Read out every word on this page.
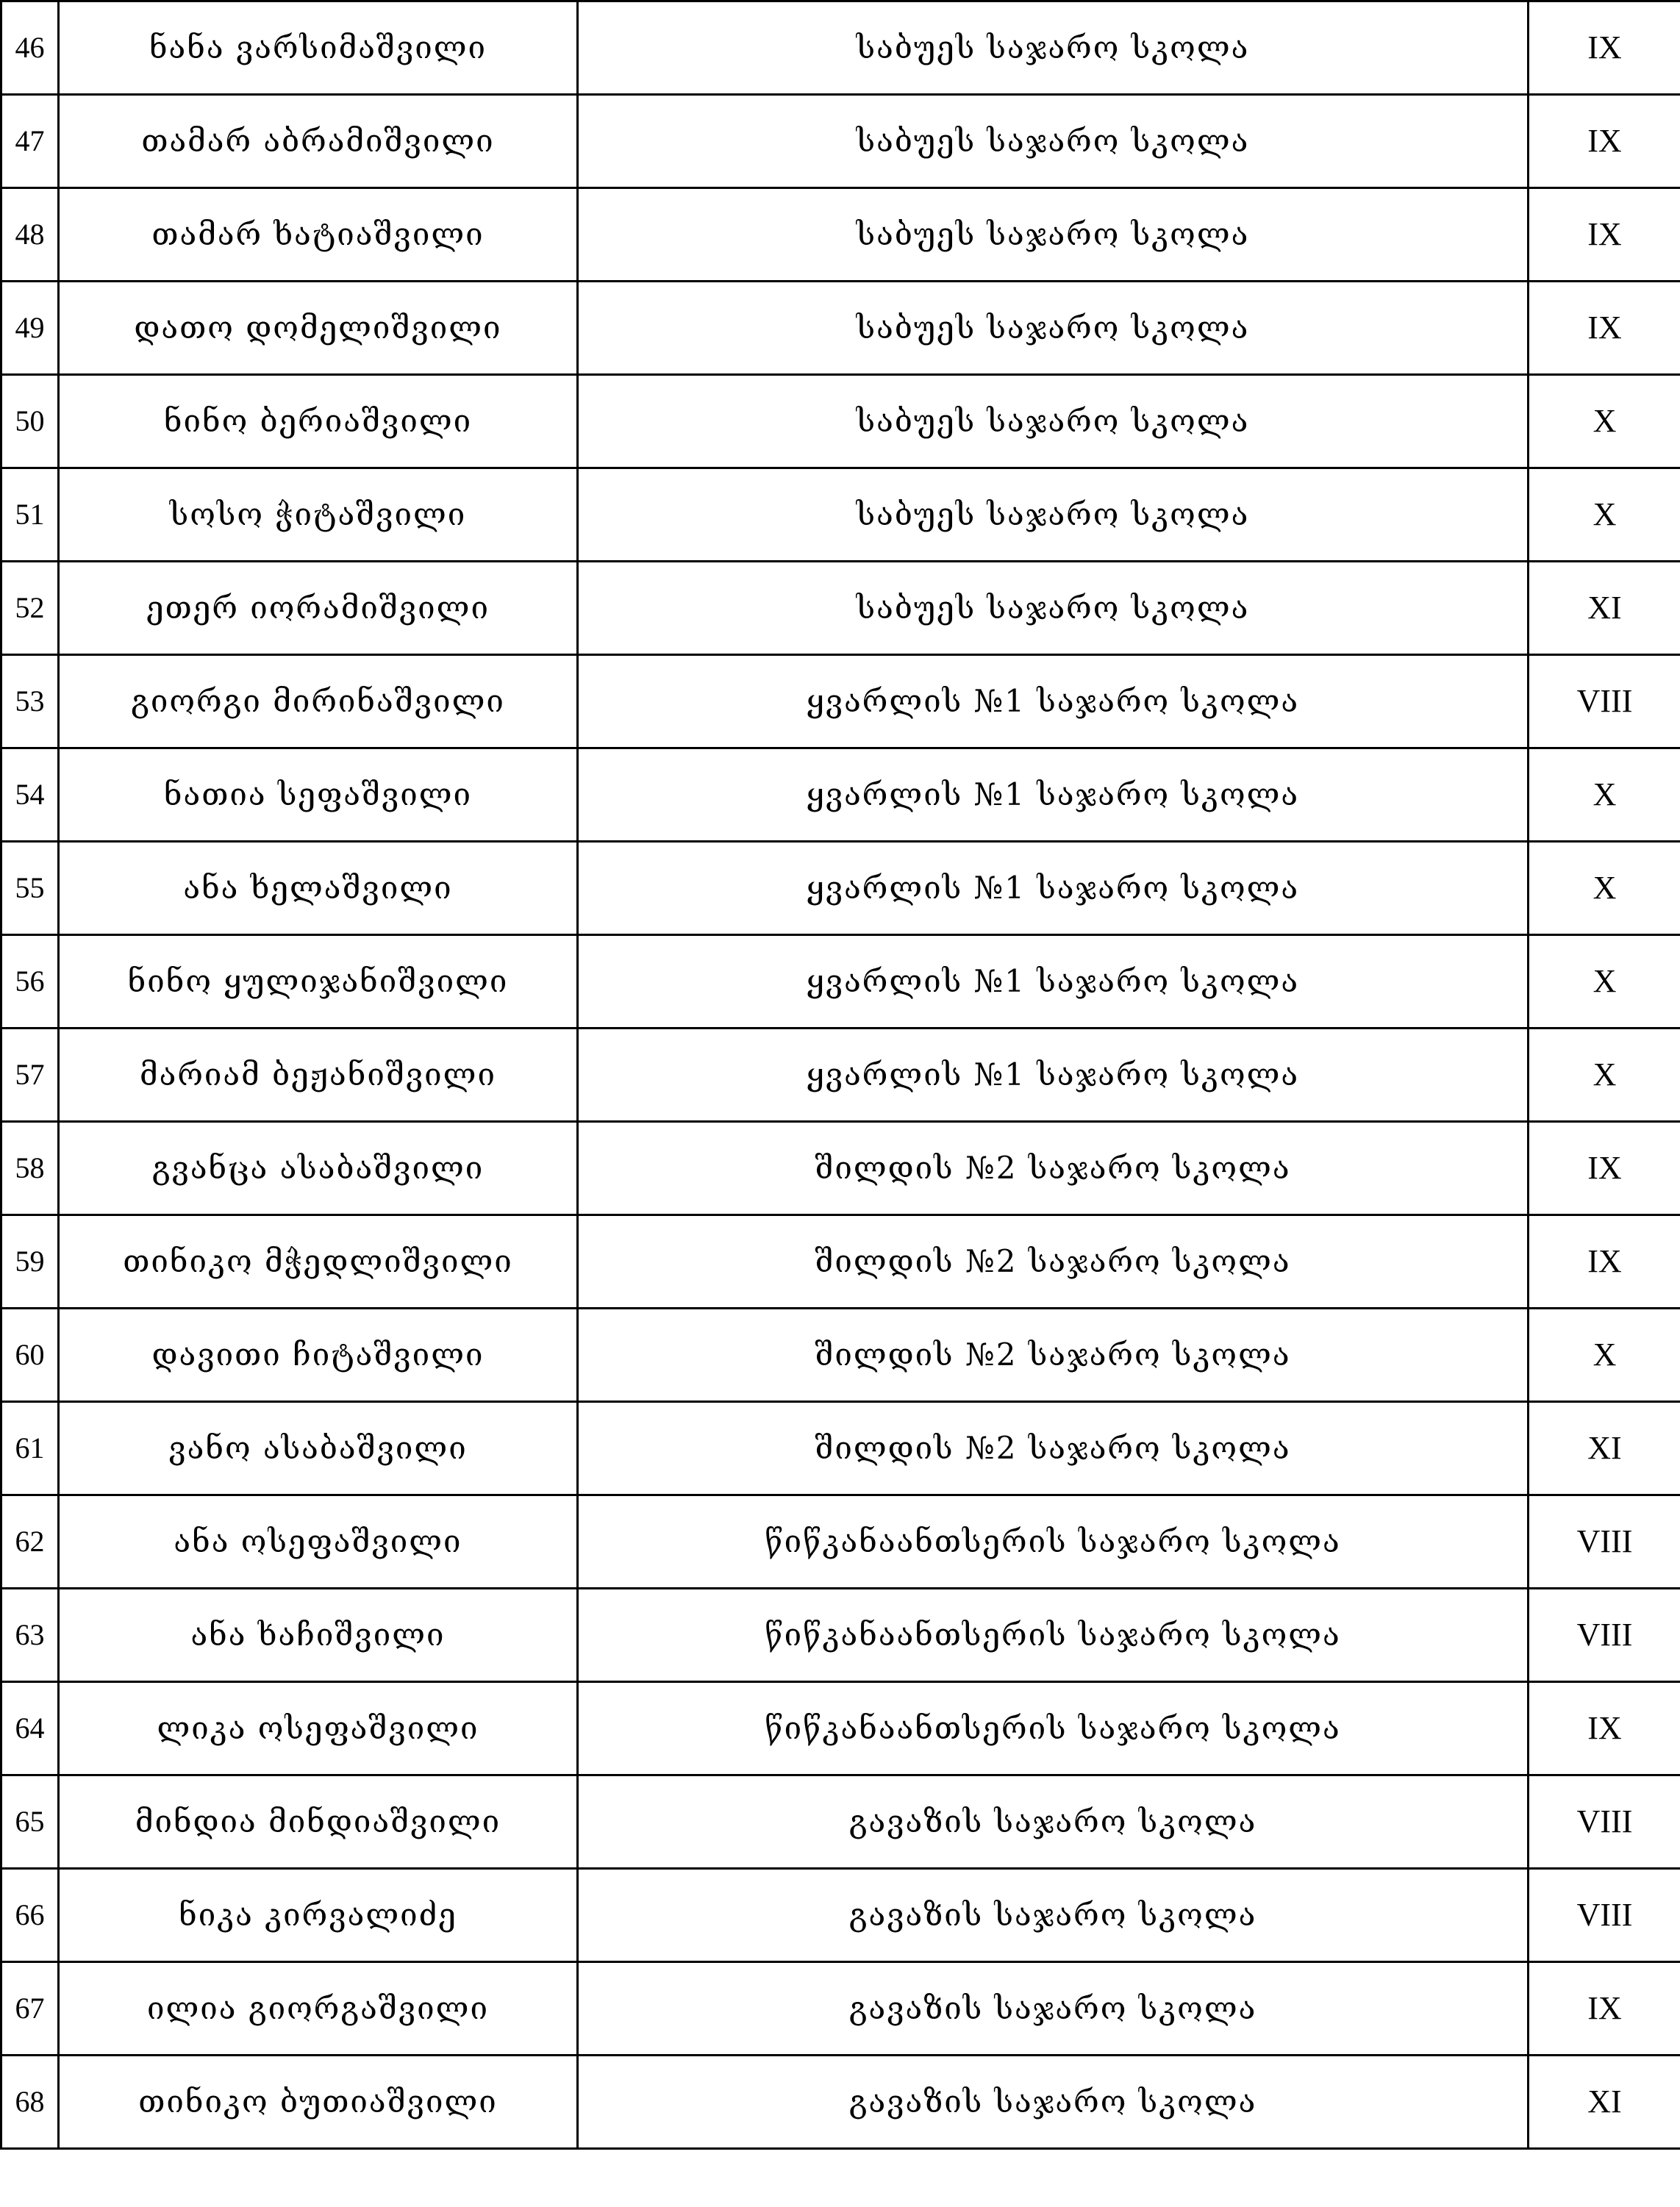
46	ნანა ვარსიმაშვილი	საბუეს საჯარო სკოლა	IX
47	თამარ აბრამიშვილი	საბუეს საჯარო სკოლა	IX
48	თამარ ხატიაშვილი	საბუეს საჯარო სკოლა	IX
49	დათო დომელიშვილი	საბუეს საჯარო სკოლა	IX
50	ნინო ბერიაშვილი	საბუეს საჯარო სკოლა	X
51	სოსო ჭიტაშვილი	საბუეს საჯარო სკოლა	X
52	ეთერ იორამიშვილი	საბუეს საჯარო სკოლა	XI
53	გიორგი მირინაშვილი	ყვარლის №1 საჯარო სკოლა	VIII
54	ნათია სეფაშვილი	ყვარლის №1 საჯარო სკოლა	X
55	ანა ხელაშვილი	ყვარლის №1 საჯარო სკოლა	X
56	ნინო ყულიჯანიშვილი	ყვარლის №1 საჯარო სკოლა	X
57	მარიამ ბეჟანიშვილი	ყვარლის №1 საჯარო სკოლა	X
58	გვანცა ასაბაშვილი	შილდის №2 საჯარო სკოლა	IX
59	თინიკო მჭედლიშვილი	შილდის №2 საჯარო სკოლა	IX
60	დავითი ჩიტაშვილი	შილდის №2 საჯარო სკოლა	X
61	ვანო ასაბაშვილი	შილდის №2 საჯარო სკოლა	XI
62	ანა ოსეფაშვილი	წიწკანაანთსერის საჯარო სკოლა	VIII
63	ანა ხაჩიშვილი	წიწკანაანთსერის საჯარო სკოლა	VIII
64	ლიკა ოსეფაშვილი	წიწკანაანთსერის საჯარო სკოლა	IX
65	მინდია მინდიაშვილი	გავაზის საჯარო სკოლა	VIII
66	ნიკა კირვალიძე	გავაზის საჯარო სკოლა	VIII
67	ილია გიორგაშვილი	გავაზის საჯარო სკოლა	IX
68	თინიკო ბუთიაშვილი	გავაზის საჯარო სკოლა	XI
